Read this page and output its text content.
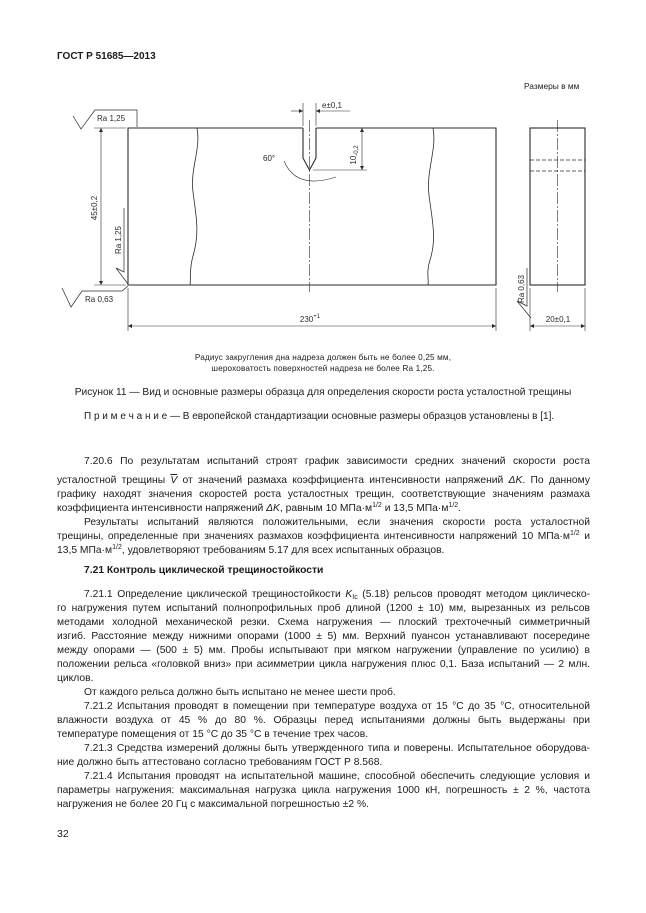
ГОСТ Р 51685—2013
Размеры в мм
e±0,1
60°	$10_{-0,2}$
45±0,2
$230^{+1}$	20±0,1
Ra 1,25
Ra 1,25
Ra 0,63	Ra 0,63
Радиус закругления дна надреза должен быть не более 0,25 мм,
шероховатость поверхностей надреза не более Ra 1,25.
Рисунок 11 — Вид и основные размеры образца для определения скорости роста усталостной трещины
П р и м е ч а н и е — В европейской стандартизации основные размеры образцов установлены в [1].
7.20.6 По результатам испытаний строят график зависимости средних значений скорости роста
усталостной трещины $\overline{V}$ от значений размаха коэффициента интенсивности напряжений ΔK. По данному
графику находят значения скоростей роста усталостных трещин, соответствующие значениям размаха
коэффициента интенсивности напряжений ΔK, равным 10 $МПа\cdot м^{1/2}$ и 13,5 $МПа\cdot м^{1/2}$.
Результаты испытаний являются положительными, если значения скорости роста усталостной
трещины, определенные при значениях размахов коэффициента интенсивности напряжений 10 $МПа\cdot м^{1/2}$ и
13,5 $МПа\cdot м^{1/2}$, удовлетворяют требованиям 5.17 для всех испытанных образцов.
7.21 Контроль циклической трещиностойкости
7.21.1 Определение циклической трещиностойкости $K_{Ic}$ (5.18) рельсов проводят методом циклическо-
го нагружения путем испытаний полнопрофильных проб длиной (1200 ± 10) мм, вырезанных из рельсов
методами холодной механической резки. Схема нагружения — плоский трехточечный симметричный
изгиб. Расстояние между нижними опорами (1000 ± 5) мм. Верхний пуансон устанавливают посередине
между опорами — (500 ± 5) мм. Пробы испытывают при мягком нагружении (управление по усилию) в
положении рельса «головкой вниз» при асимметрии цикла нагружения плюс 0,1. База испытаний — 2 млн.
циклов.
От каждого рельса должно быть испытано не менее шести проб.
7.21.2 Испытания проводят в помещении при температуре воздуха от 15 °С до 35 °С, относительной
влажности воздуха от 45 % до 80 %. Образцы перед испытаниями должны быть выдержаны при
температуре помещения от 15 °С до 35 °С в течение трех часов.
7.21.3 Средства измерений должны быть утвержденного типа и поверены. Испытательное оборудова-
ние должно быть аттестовано согласно требованиям ГОСТ Р 8.568.
7.21.4 Испытания проводят на испытательной машине, способной обеспечить следующие условия и
параметры нагружения: максимальная нагрузка цикла нагружения 1000 кН, погрешность ± 2 %, частота
нагружения не более 20 Гц с максимальной погрешностью ±2 %.
32
